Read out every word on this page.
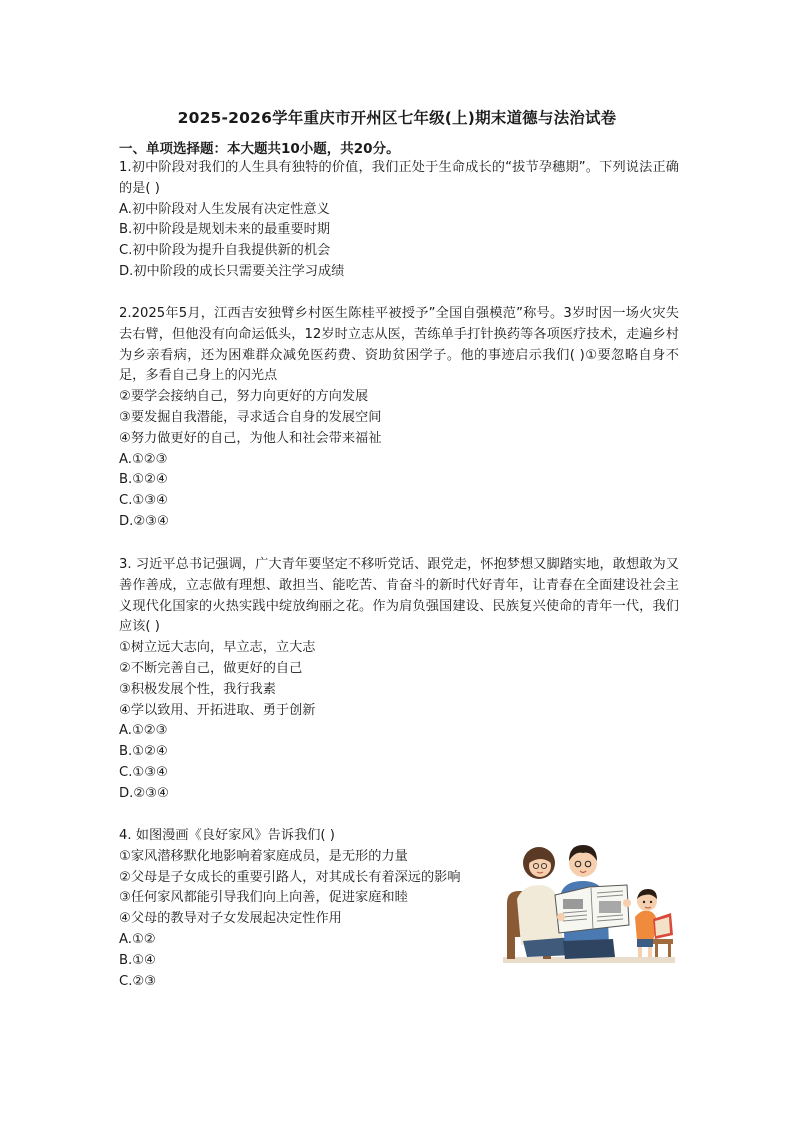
2025-2026学年重庆市开州区七年级(上)期末道德与法治试卷
一、单项选择题：本大题共10小题，共20分。
1.初中阶段对我们的人生具有独特的价值，我们正处于生命成长的“拔节孕穗期”。下列说法正确的是( )
A.初中阶段对人生发展有决定性意义
B.初中阶段是规划未来的最重要时期
C.初中阶段为提升自我提供新的机会
D.初中阶段的成长只需要关注学习成绩
2.2025年5月，江西吉安独臂乡村医生陈桂平被授予”全国自强模范”称号。3岁时因一场火灾失去右臂，但他没有向命运低头，12岁时立志从医，苦练单手打针换药等各项医疗技术，走遍乡村为乡亲看病，还为困难群众减免医药费、资助贫困学子。他的事迹启示我们( )①要忽略自身不足，多看自己身上的闪光点
②要学会接纳自己，努力向更好的方向发展
③要发掘自我潜能，寻求适合自身的发展空间
④努力做更好的自己，为他人和社会带来福祉
A.①②③
B.①②④
C.①③④
D.②③④
3. 习近平总书记强调，广大青年要坚定不移听党话、跟党走，怀抱梦想又脚踏实地，敢想敢为又善作善成，立志做有理想、敢担当、能吃苦、肯奋斗的新时代好青年，让青春在全面建设社会主义现代化国家的火热实践中绽放绚丽之花。作为肩负强国建设、民族复兴使命的青年一代，我们应该( )
①树立远大志向，早立志，立大志
②不断完善自己，做更好的自己
③积极发展个性，我行我素
④学以致用、开拓进取、勇于创新
A.①②③
B.①②④
C.①③④
D.②③④
4. 如图漫画《良好家风》告诉我们( )
①家风潜移默化地影响着家庭成员，是无形的力量
②父母是子女成长的重要引路人，对其成长有着深远的影响
③任何家风都能引导我们向上向善，促进家庭和睦
④父母的教导对子女发展起决定性作用
A.①②
B.①④
C.②③
